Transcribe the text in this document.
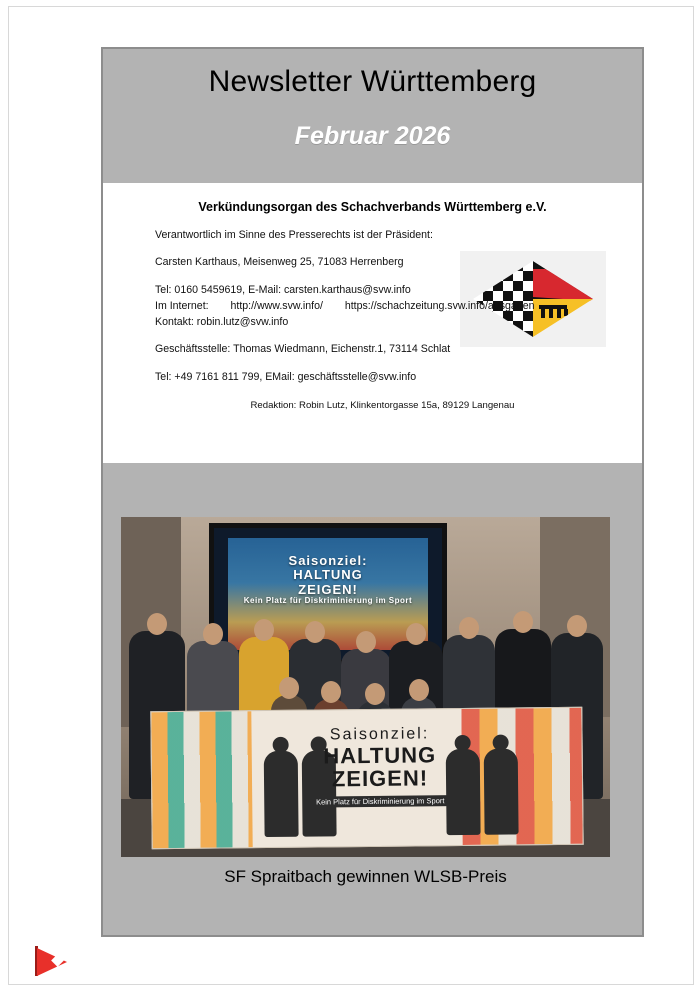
Newsletter Württemberg
Februar 2026
Verkündungsorgan des Schachverbands Württemberg e.V.
Verantwortlich im Sinne des Presserechts ist der Präsident:
Carsten Karthaus, Meisenweg 25, 71083 Herrenberg
Tel: 0160 5459619, E-Mail: carsten.karthaus@svw.info
Im Internet: http://www.svw.info/ https://schachzeitung.svw.info/ausgaben
Kontakt: robin.lutz@svw.info
Geschäftsstelle: Thomas Wiedmann, Eichenstr.1, 73114 Schlat
Tel: +49 7161 811 799, EMail: geschäftsstelle@svw.info
Redaktion: Robin Lutz, Klinkentorgasse 15a, 89129 Langenau
Saisonziel:
HALTUNG
ZEIGEN!
Kein Platz für Diskriminierung im Sport
Saisonziel:
HALTUNG
ZEIGEN!
Kein Platz für Diskriminierung im Sport
SF Spraitbach gewinnen WLSB-Preis
